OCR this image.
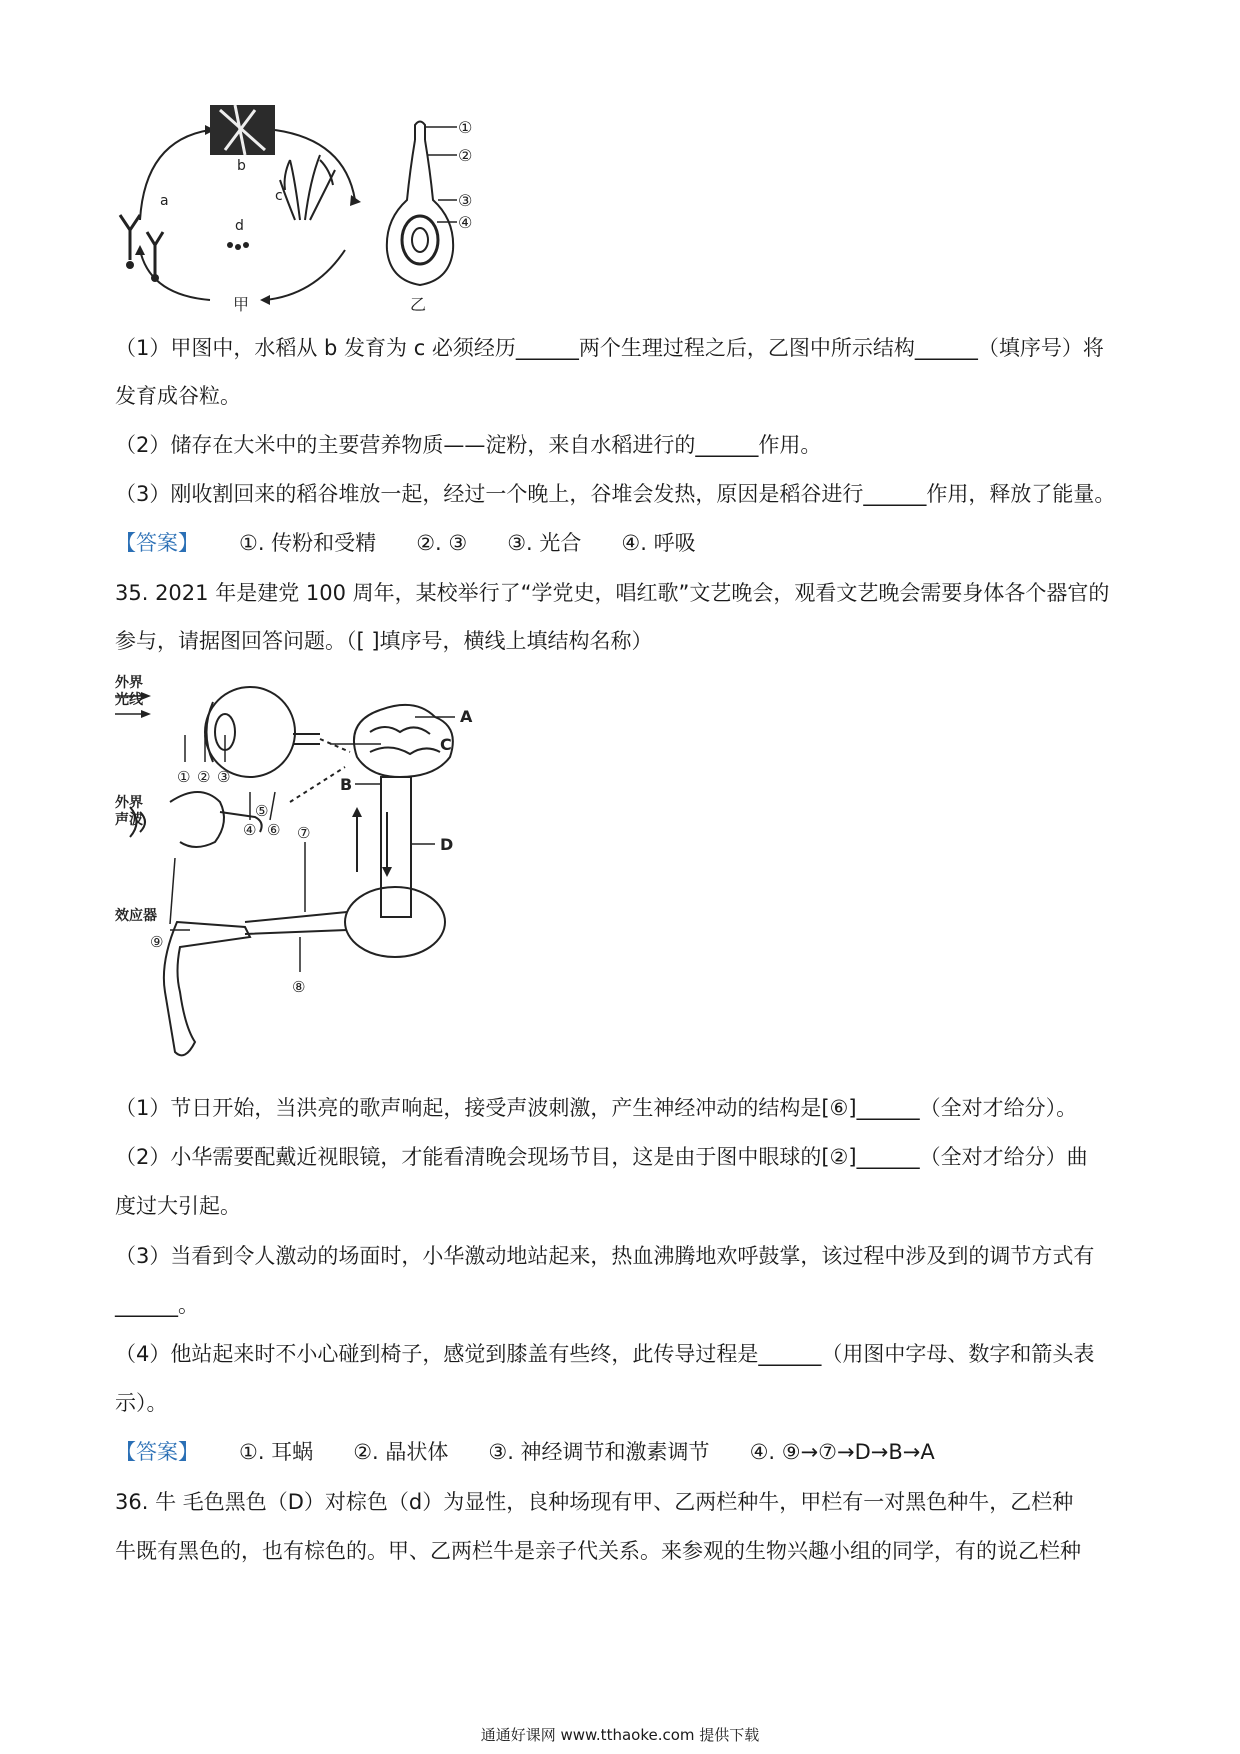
a
b
c
d
甲
①
②
③
④
乙
（1）甲图中，水稻从 b 发育为 c 必须经历______两个生理过程之后，乙图中所示结构______（填序号）将
发育成谷粒。
（2）储存在大米中的主要营养物质——淀粉，来自水稻进行的______作用。
（3）刚收割回来的稻谷堆放一起，经过一个晚上，谷堆会发热，原因是稻谷进行______作用，释放了能量。
【答案】 ①. 传粉和受精 ②. ③ ③. 光合 ④. 呼吸
35. 2021 年是建党 100 周年，某校举行了“学党史，唱红歌”文艺晚会，观看文艺晚会需要身体各个器官的
参与，请据图回答问题。（[ ]填序号，横线上填结构名称）
外界
光线
外界
声波
效应器
① ② ③
④
⑤
⑥ ⑦
⑧
⑨
A
B
C
D
（1）节日开始，当洪亮的歌声响起，接受声波刺激，产生神经冲动的结构是[⑥]______（全对才给分）。
（2）小华需要配戴近视眼镜，才能看清晚会现场节目，这是由于图中眼球的[②]______（全对才给分）曲
度过大引起。
（3）当看到令人激动的场面时，小华激动地站起来，热血沸腾地欢呼鼓掌，该过程中涉及到的调节方式有
______。
（4）他站起来时不小心碰到椅子，感觉到膝盖有些终，此传导过程是______（用图中字母、数字和箭头表
示）。
【答案】 ①. 耳蜗 ②. 晶状体 ③. 神经调节和激素调节 ④. ⑨→⑦→D→B→A
36. 牛 毛色黑色（D）对棕色（d）为显性，良种场现有甲、乙两栏种牛，甲栏有一对黑色种牛，乙栏种
牛既有黑色的，也有棕色的。甲、乙两栏牛是亲子代关系。来参观的生物兴趣小组的同学，有的说乙栏种
通通好课网 www.tthaoke.com 提供下载
